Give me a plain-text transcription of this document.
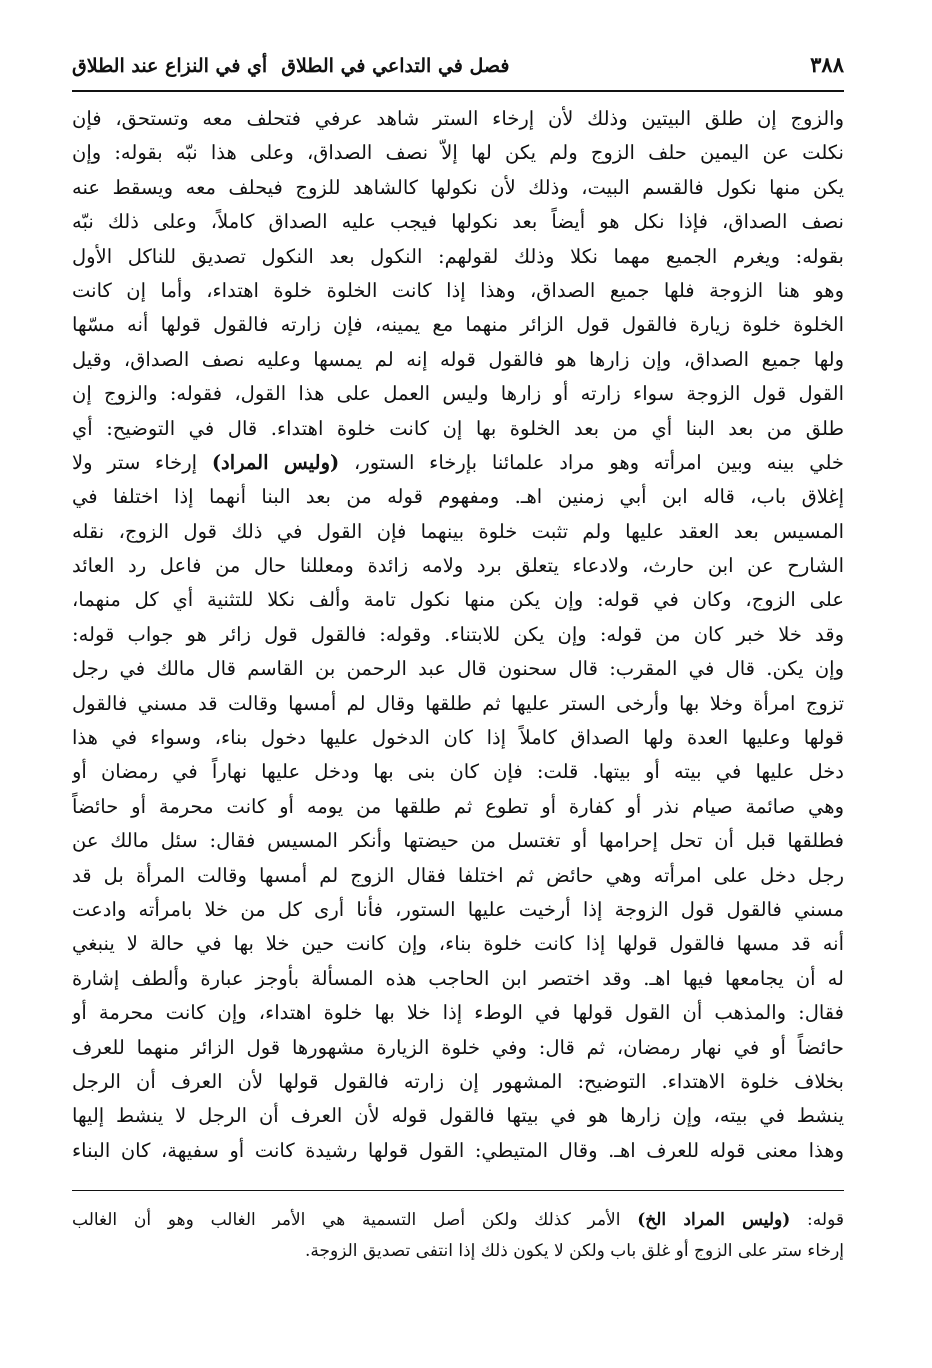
٣٨٨
فصل في التداعي في الطلاقأي في النزاع عند الطلاق
والزوج إن طلق البيتين وذلك لأن إرخاء الستر شاهد عرفي فتحلف معه وتستحق، فإن
نكلت عن اليمين حلف الزوج ولم يكن لها إلاّ نصف الصداق، وعلى هذا نبّه بقوله: وإن
يكن منها نكول فالقسم البيت، وذلك لأن نكولها كالشاهد للزوج فيحلف معه ويسقط عنه
نصف الصداق، فإذا نكل هو أيضاً بعد نكولها فيجب عليه الصداق كاملاً، وعلى ذلك نبّه
بقوله: ويغرم الجميع مهما نكلا وذلك لقولهم: النكول بعد النكول تصديق للناكل الأول
وهو هنا الزوجة فلها جميع الصداق، وهذا إذا كانت الخلوة خلوة اهتداء، وأما إن كانت
الخلوة خلوة زيارة فالقول قول الزائر منهما مع يمينه، فإن زارته فالقول قولها أنه مسّها
ولها جميع الصداق، وإن زارها هو فالقول قوله إنه لم يمسها وعليه نصف الصداق، وقيل
القول قول الزوجة سواء زارته أو زارها وليس العمل على هذا القول، فقوله: والزوج إن
طلق من بعد البنا أي من بعد الخلوة بها إن كانت خلوة اهتداء. قال في التوضيح: أي
خلي بينه وبين امرأته وهو مراد علمائنا بإرخاء الستور، (وليس المراد) إرخاء ستر ولا
إغلاق باب، قاله ابن أبي زمنين اهـ. ومفهوم قوله من بعد البنا أنهما إذا اختلفا في
المسيس بعد العقد عليها ولم تثبت خلوة بينهما فإن القول في ذلك قول الزوج، نقله
الشارح عن ابن حارث، ولادعاء يتعلق برد ولامه زائدة ومعللنا حال من فاعل رد العائد
على الزوج، وكان في قوله: وإن يكن منها نكول تامة وألف نكلا للتثنية أي كل منهما،
وقد خلا خبر كان من قوله: وإن يكن للابتناء. وقوله: فالقول قول زائر هو جواب قوله:
وإن يكن. قال في المقرب: قال سحنون قال عبد الرحمن بن القاسم قال مالك في رجل
تزوج امرأة وخلا بها وأرخى الستر عليها ثم طلقها وقال لم أمسها وقالت قد مسني فالقول
قولها وعليها العدة ولها الصداق كاملاً إذا كان الدخول عليها دخول بناء، وسواء في هذا
دخل عليها في بيته أو بيتها. قلت: فإن كان بنى بها ودخل عليها نهاراً في رمضان أو
وهي صائمة صيام نذر أو كفارة أو تطوع ثم طلقها من يومه أو كانت محرمة أو حائضاً
فطلقها قبل أن تحل إحرامها أو تغتسل من حيضتها وأنكر المسيس فقال: سئل مالك عن
رجل دخل على امرأته وهي حائض ثم اختلفا فقال الزوج لم أمسها وقالت المرأة بل قد
مسني فالقول قول الزوجة إذا أرخيت عليها الستور، فأنا أرى كل من خلا بامرأته وادعت
أنه قد مسها فالقول قولها إذا كانت خلوة بناء، وإن كانت حين خلا بها في حالة لا ينبغي
له أن يجامعها فيها اهـ. وقد اختصر ابن الحاجب هذه المسألة بأوجز عبارة وألطف إشارة
فقال: والمذهب أن القول قولها في الوطء إذا خلا بها خلوة اهتداء، وإن كانت محرمة أو
حائضاً أو في نهار رمضان، ثم قال: وفي خلوة الزيارة مشهورها قول الزائر منهما للعرف
بخلاف خلوة الاهتداء. التوضيح: المشهور إن زارته فالقول قولها لأن العرف أن الرجل
ينشط في بيته، وإن زارها هو في بيتها فالقول قوله لأن العرف أن الرجل لا ينشط إليها
وهذا معنى قوله للعرف اهـ. وقال المتيطي: القول قولها رشيدة كانت أو سفيهة، كان البناء
قوله: (وليس المراد الخ) الأمر كذلك ولكن أصل التسمية هي الأمر الغالب وهو أن الغالب
إرخاء ستر على الزوج أو غلق باب ولكن لا يكون ذلك إذا انتفى تصديق الزوجة.
